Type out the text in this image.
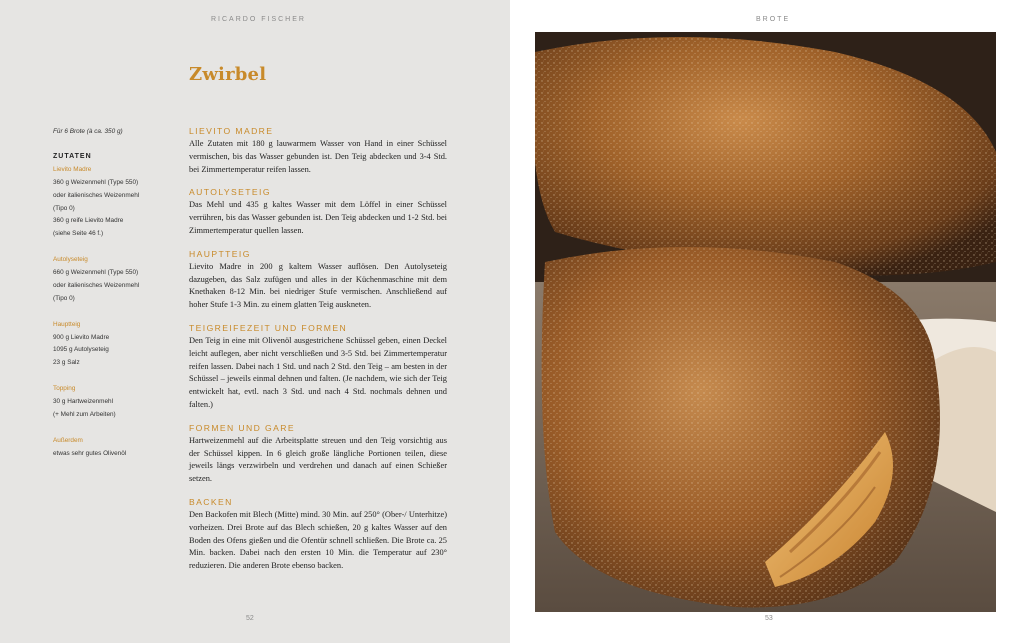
RICARDO FISCHER	BROTE
Zwirbel
Für 6 Brote (à ca. 350 g)
ZUTATEN
Lievito Madre
360 g Weizenmehl (Type 550)
oder italienisches Weizenmehl
(Tipo 0)
360 g reife Lievito Madre
(siehe Seite 46 f.)
Autolyseteig
660 g Weizenmehl (Type 550)
oder italienisches Weizenmehl
(Tipo 0)
Hauptteig
900 g Lievito Madre
1095 g Autolyseteig
23 g Salz
Topping
30 g Hartweizenmehl
(+ Mehl zum Arbeiten)
Außerdem
etwas sehr gutes Olivenöl
LIEVITO MADRE

Alle Zutaten mit 180 g lauwarmem Wasser von Hand in einer Schüssel vermischen, bis das Wasser gebunden ist. Den Teig abdecken und 3-4 Std. bei Zimmertemperatur reifen lassen.

AUTOLYSETEIG

Das Mehl und 435 g kaltes Wasser mit dem Löffel in einer Schüssel verrühren, bis das Wasser gebunden ist. Den Teig abdecken und 1-2 Std. bei Zimmertemperatur quellen lassen.

HAUPTTEIG

Lievito Madre in 200 g kaltem Wasser auflösen. Den Autolyseteig dazugeben, das Salz zufügen und alles in der Küchenmaschine mit dem Knethaken 8-12 Min. bei niedriger Stufe vermischen. Anschließend auf hoher Stufe 1-3 Min. zu einem glatten Teig auskneten.

TEIGREIFEZEIT UND FORMEN

Den Teig in eine mit Olivenöl ausgestrichene Schüssel geben, einen Deckel leicht auflegen, aber nicht verschließen und 3-5 Std. bei Zimmertemperatur reifen lassen. Dabei nach 1 Std. und nach 2 Std. den Teig – am besten in der Schüssel – jeweils einmal dehnen und falten. (Je nachdem, wie sich der Teig entwickelt hat, evtl. nach 3 Std. und nach 4 Std. nochmals dehnen und falten.)

FORMEN UND GARE

Hartweizenmehl auf die Arbeitsplatte streuen und den Teig vorsichtig aus der Schüssel kippen. In 6 gleich große längliche Portionen teilen, diese jeweils längs verzwirbeln und verdrehen und danach auf einen Schießer setzen.

BACKEN

Den Backofen mit Blech (Mitte) mind. 30 Min. auf 250° (Ober-/ Unterhitze) vorheizen. Drei Brote auf das Blech schießen, 20 g kaltes Wasser auf den Boden des Ofens gießen und die Ofentür schnell schließen. Die Brote ca. 25 Min. backen. Dabei nach den ersten 10 Min. die Temperatur auf 230° reduzieren. Die anderen Brote ebenso backen.

52	53
